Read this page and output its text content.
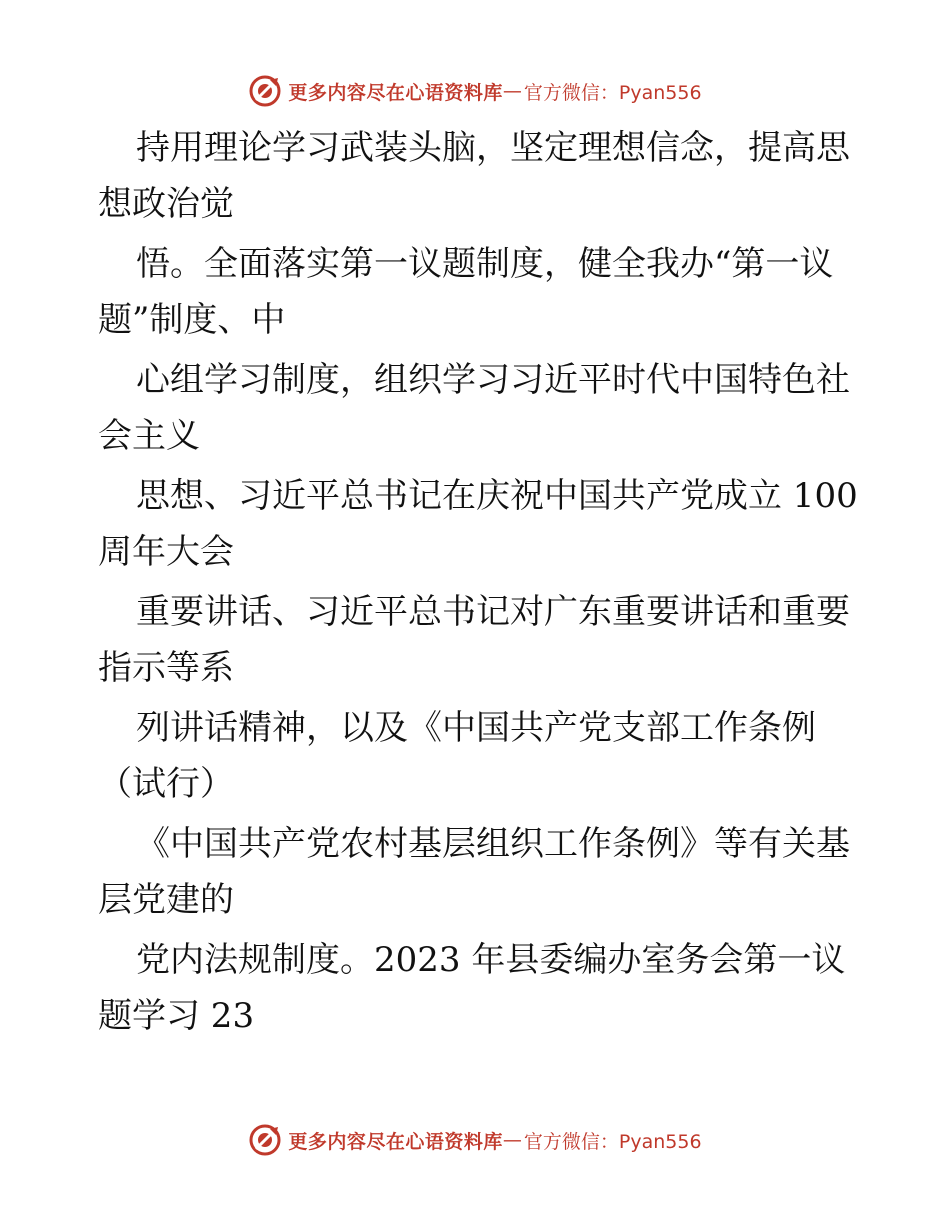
更多内容尽在心语资料库 — 官方微信：Pyan556
持用理论学习武装头脑，坚定理想信念，提高思
想政治觉
悟。全面落实第一议题制度，健全我办“第一议
题”制度、中
心组学习制度，组织学习习近平时代中国特色社
会主义
思想、习近平总书记在庆祝中国共产党成立 100
周年大会
重要讲话、习近平总书记对广东重要讲话和重要
指示等系
列讲话精神，以及《中国共产党支部工作条例
（试行）
《中国共产党农村基层组织工作条例》等有关基
层党建的
党内法规制度。2023 年县委编办室务会第一议
题学习 23
更多内容尽在心语资料库 — 官方微信：Pyan556
